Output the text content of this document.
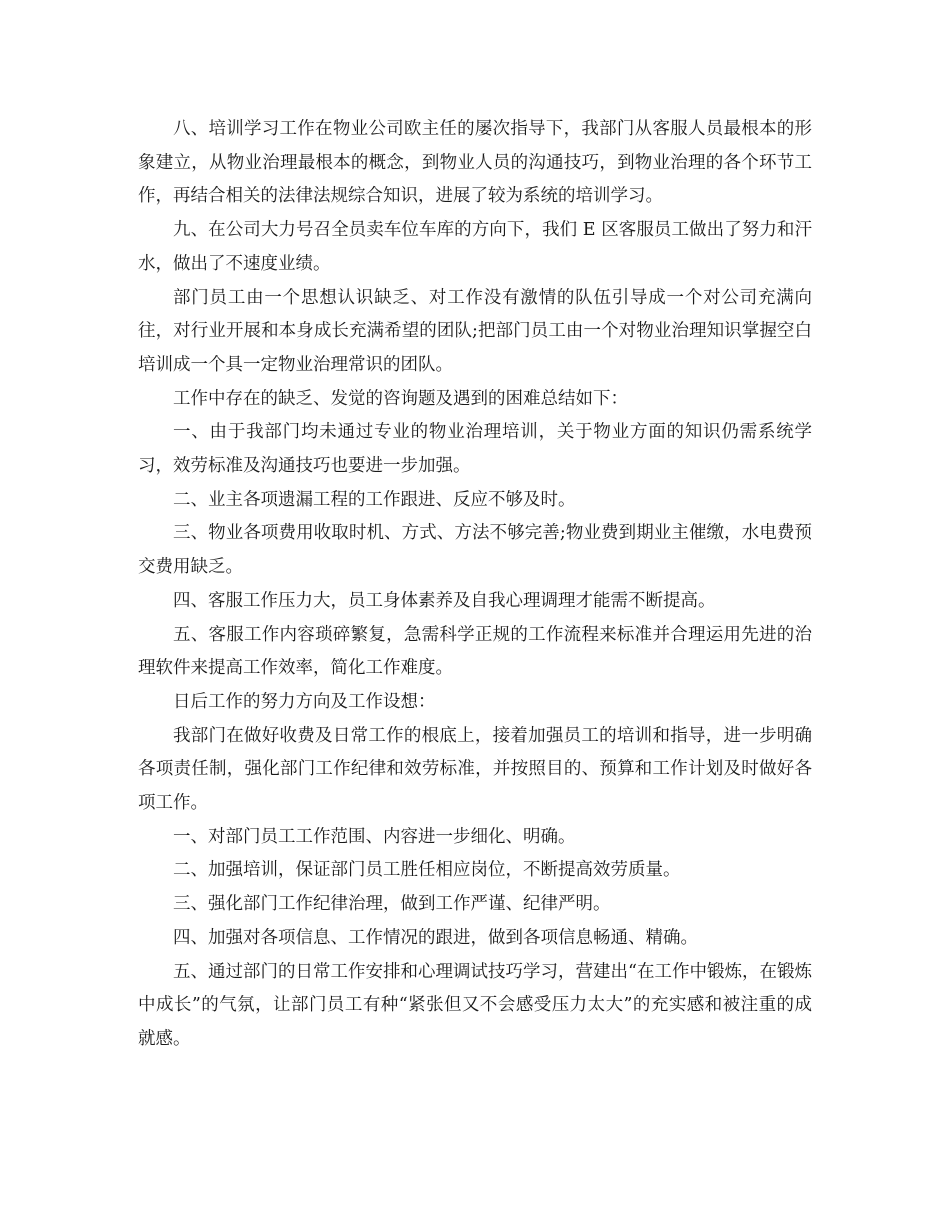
八、培训学习工作在物业公司欧主任的屡次指导下，我部门从客服人员最根本的形象建立，从物业治理最根本的概念，到物业人员的沟通技巧，到物业治理的各个环节工作，再结合相关的法律法规综合知识，进展了较为系统的培训学习。

九、在公司大力号召全员卖车位车库的方向下，我们 E 区客服员工做出了努力和汗水，做出了不速度业绩。

部门员工由一个思想认识缺乏、对工作没有激情的队伍引导成一个对公司充满向往，对行业开展和本身成长充满希望的团队;把部门员工由一个对物业治理知识掌握空白培训成一个具一定物业治理常识的团队。

工作中存在的缺乏、发觉的咨询题及遇到的困难总结如下：

一、由于我部门均未通过专业的物业治理培训，关于物业方面的知识仍需系统学习，效劳标准及沟通技巧也要进一步加强。

二、业主各项遗漏工程的工作跟进、反应不够及时。

三、物业各项费用收取时机、方式、方法不够完善;物业费到期业主催缴，水电费预交费用缺乏。

四、客服工作压力大，员工身体素养及自我心理调理才能需不断提高。

五、客服工作内容琐碎繁复，急需科学正规的工作流程来标准并合理运用先进的治理软件来提高工作效率，简化工作难度。

日后工作的努力方向及工作设想：

我部门在做好收费及日常工作的根底上，接着加强员工的培训和指导，进一步明确各项责任制，强化部门工作纪律和效劳标准，并按照目的、预算和工作计划及时做好各项工作。

一、对部门员工工作范围、内容进一步细化、明确。

二、加强培训，保证部门员工胜任相应岗位，不断提高效劳质量。

三、强化部门工作纪律治理，做到工作严谨、纪律严明。

四、加强对各项信息、工作情况的跟进，做到各项信息畅通、精确。

五、通过部门的日常工作安排和心理调试技巧学习，营建出“在工作中锻炼，在锻炼中成长”的气氛，让部门员工有种“紧张但又不会感受压力太大”的充实感和被注重的成就感。
